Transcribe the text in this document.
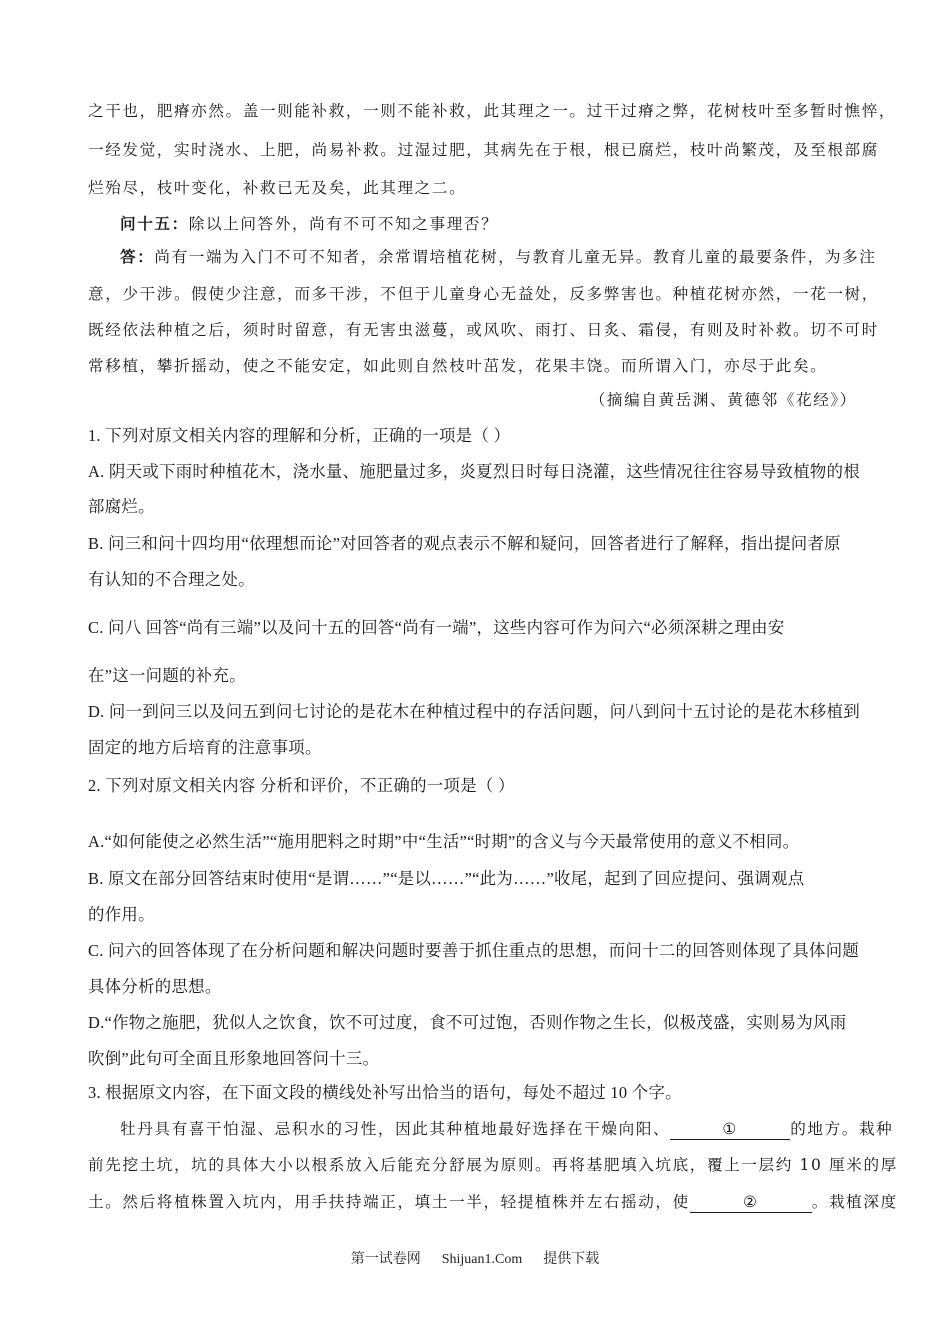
之干也，肥瘠亦然。盖一则能补救，一则不能补救，此其理之一。过干过瘠之弊，花树枝叶至多暂时憔悴，
一经发觉，实时浇水、上肥，尚易补救。过湿过肥，其病先在于根，根已腐烂，枝叶尚繁茂，及至根部腐
烂殆尽，枝叶变化，补救已无及矣，此其理之二。
问十五：除以上问答外，尚有不可不知之事理否？
答：尚有一端为入门不可不知者，余常谓培植花树，与教育儿童无异。教育儿童的最要条件，为多注
意，少干涉。假使少注意，而多干涉，不但于儿童身心无益处，反多弊害也。种植花树亦然，一花一树，
既经依法种植之后，须时时留意，有无害虫滋蔓，或风吹、雨打、日炙、霜侵，有则及时补救。切不可时
常移植，攀折摇动，使之不能安定，如此则自然枝叶茁发，花果丰饶。而所谓入门，亦尽于此矣。
（摘编自黄岳渊、黄德邻《花经》）
1. 下列对原文相关内容的理解和分析，正确的一项是（ ）
A. 阴天或下雨时种植花木，浇水量、施肥量过多，炎夏烈日时每日浇灌，这些情况往往容易导致植物的根
部腐烂。
B. 问三和问十四均用“依理想而论”对回答者的观点表示不解和疑问，回答者进行了解释，指出提问者原
有认知的不合理之处。
C. 问八 回答“尚有三端”以及问十五的回答“尚有一端”，这些内容可作为问六“必须深耕之理由安
在”这一问题的补充。
D. 问一到问三以及问五到问七讨论的是花木在种植过程中的存活问题，问八到问十五讨论的是花木移植到
固定的地方后培育的注意事项。
2. 下列对原文相关内容 分析和评价，不正确的一项是（ ）
A.“如何能使之必然生活”“施用肥料之时期”中“生活”“时期”的含义与今天最常使用的意义不相同。
B. 原文在部分回答结束时使用“是谓……”“是以……”“此为……”收尾，起到了回应提问、强调观点
的作用。
C. 问六的回答体现了在分析问题和解决问题时要善于抓住重点的思想，而问十二的回答则体现了具体问题
具体分析的思想。
D.“作物之施肥，犹似人之饮食，饮不可过度，食不可过饱，否则作物之生长，似极茂盛，实则易为风雨
吹倒”此句可全面且形象地回答问十三。
3. 根据原文内容，在下面文段的横线处补写出恰当的语句，每处不超过 10 个字。
牡丹具有喜干怕湿、忌积水的习性，因此其种植地最好选择在干燥向阳、	①	的地方。栽种
前先挖土坑，坑的具体大小以根系放入后能充分舒展为原则。再将基肥填入坑底，覆上一层约 10 厘米的厚
土。然后将植株置入坑内，用手扶持端正，填土一半，轻提植株并左右摇动，使	②	。栽植深度
第一试卷网      Shijuan1.Com      提供下载
